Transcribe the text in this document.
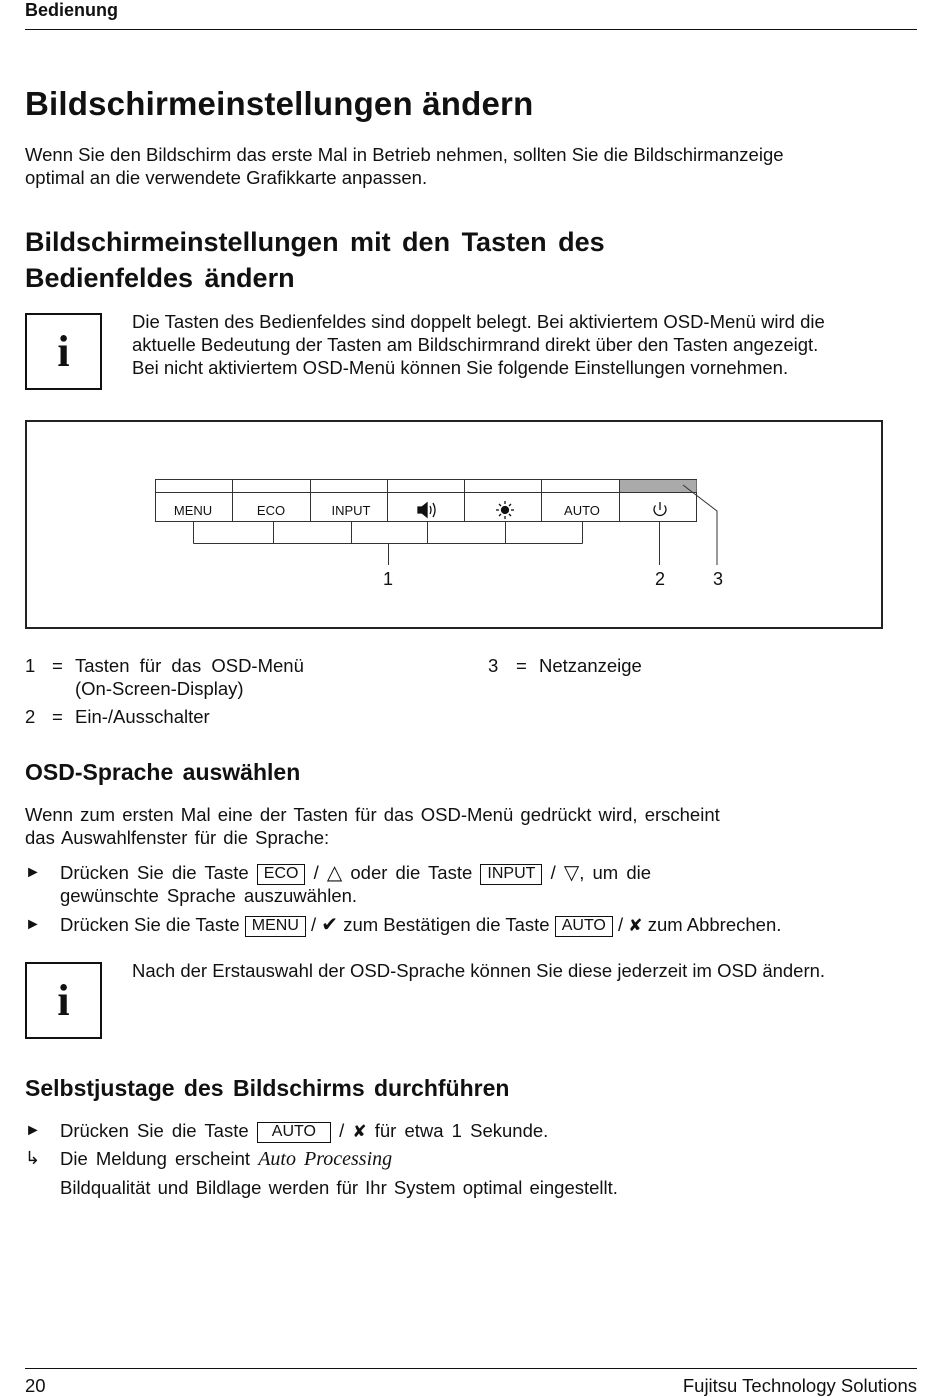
Bedienung
Bildschirmeinstellungen ändern
Wenn Sie den Bildschirm das erste Mal in Betrieb nehmen, sollten Sie die Bildschirmanzeige
optimal an die verwendete Grafikkarte anpassen.
Bildschirmeinstellungen mit den Tasten des
Bedienfeldes ändern
i
Die Tasten des Bedienfeldes sind doppelt belegt. Bei aktiviertem OSD-Menü wird die
aktuelle Bedeutung der Tasten am Bildschirmrand direkt über den Tasten angezeigt.
Bei nicht aktiviertem OSD-Menü können Sie folgende Einstellungen vornehmen.
MENU	ECO	INPUT	AUTO
1	2	3
1 = Tasten für das OSD-Menü
(On-Screen-Display)
2 = Ein-/Ausschalter
3 = Netzanzeige
OSD-Sprache auswählen
Wenn zum ersten Mal eine der Tasten für das OSD-Menü gedrückt wird, erscheint
das Auswahlfenster für die Sprache:
►	Drücken Sie die Taste ECO / △ oder die Taste INPUT / ▽, um die
gewünschte Sprache auszuwählen.
►	Drücken Sie die Taste MENU / ✔ zum Bestätigen die Taste AUTO / ✘ zum Abbrechen.
i
Nach der Erstauswahl der OSD-Sprache können Sie diese jederzeit im OSD ändern.
Selbstjustage des Bildschirms durchführen
►	Drücken Sie die Taste AUTO / ✘ für etwa 1 Sekunde.
↳	Die Meldung erscheint Auto Processing
Bildqualität und Bildlage werden für Ihr System optimal eingestellt.
20	Fujitsu Technology Solutions
